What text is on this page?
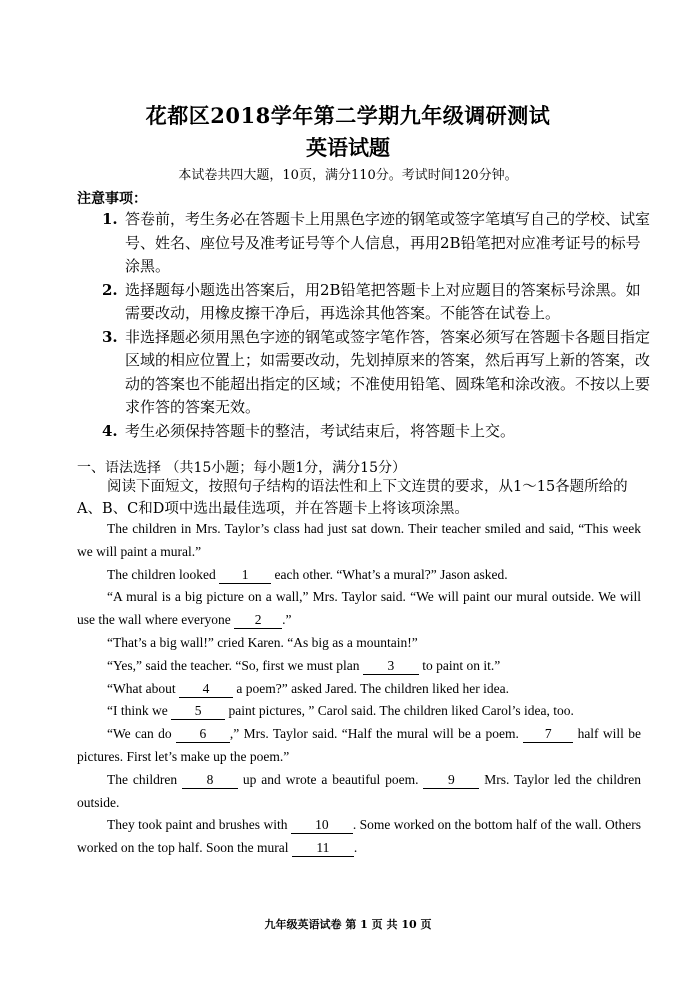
花都区2018学年第二学期九年级调研测试
英语试题
本试卷共四大题，10页，满分110分。考试时间120分钟。
注意事项：
1. 答卷前，考生务必在答题卡上用黑色字迹的钢笔或签字笔填写自己的学校、试室号、姓名、座位号及准考证号等个人信息，再用2B铅笔把对应准考证号的标号涂黑。
2. 选择题每小题选出答案后，用2B铅笔把答题卡上对应题目的答案标号涂黑。如需要改动，用橡皮擦干净后，再选涂其他答案。不能答在试卷上。
3. 非选择题必须用黑色字迹的钢笔或签字笔作答，答案必须写在答题卡各题目指定区域的相应位置上；如需要改动，先划掉原来的答案，然后再写上新的答案，改动的答案也不能超出指定的区域；不准使用铅笔、圆珠笔和涂改液。不按以上要求作答的答案无效。
4. 考生必须保持答题卡的整洁，考试结束后，将答题卡上交。
一、语法选择 （共15小题；每小题1分，满分15分）
阅读下面短文，按照句子结构的语法性和上下文连贯的要求，从1～15各题所给的A、B、C和D项中选出最佳选项，并在答题卡上将该项涂黑。

The children in Mrs. Taylor’s class had just sat down. Their teacher smiled and said, “This week we will paint a mural.”

The children looked 1 each other. “What’s a mural?” Jason asked.

“A mural is a big picture on a wall,” Mrs. Taylor said. “We will paint our mural outside. We will use the wall where everyone 2 .”

“That’s a big wall!” cried Karen. “As big as a mountain!”

“Yes,” said the teacher. “So, first we must plan 3 to paint on it.”

“What about 4 a poem?” asked Jared. The children liked her idea.

“I think we 5 paint pictures, ” Carol said. The children liked Carol’s idea, too.

“We can do 6 ,” Mrs. Taylor said. “Half the mural will be a poem. 7 half will be pictures. First let’s make up the poem.”

The children 8 up and wrote a beautiful poem. 9 Mrs. Taylor led the children outside.

They took paint and brushes with 10 . Some worked on the bottom half of the wall. Others worked on the top half. Soon the mural 11 .

九年级英语试卷 第 1 页 共 10 页
